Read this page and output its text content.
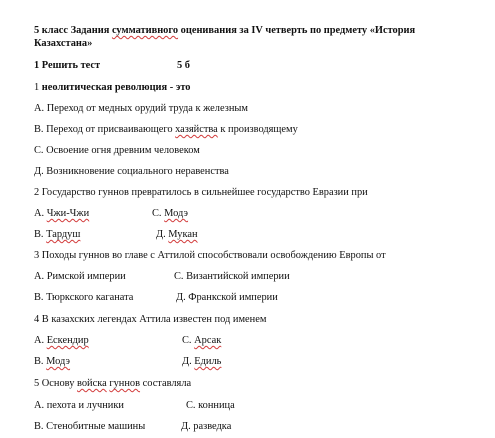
5 класс Задания суммативного оценивания за IV четверть по предмету «История
Казахстана»
1 Решить тест	5 б
1 неолитическая революция - это
А. Переход от медных орудий труда к железным
В. Переход от присваивающего хазяйства к производящему
С. Освоение огня древним человеком
Д. Возникновение социального неравенства
2 Государство гуннов превратилось в сильнейшее государство Евразии при
А. Чжи-Чжи	С. Модэ
В. Тардуш	Д. Мукан
3 Походы гуннов во главе с Аттилой способствовали освобождению Европы от
А. Римской империи	С. Византийской империи
В. Тюркского каганата	Д. Франкской империи
4 В казахских легендах Аттила известен под именем
А. Ескендир	С. Арсак
В. Модэ	Д. Едиль
5 Основу войска гуннов составляла
А. пехота и лучники	С. конница
В. Стенобитные машины	Д. разведка
